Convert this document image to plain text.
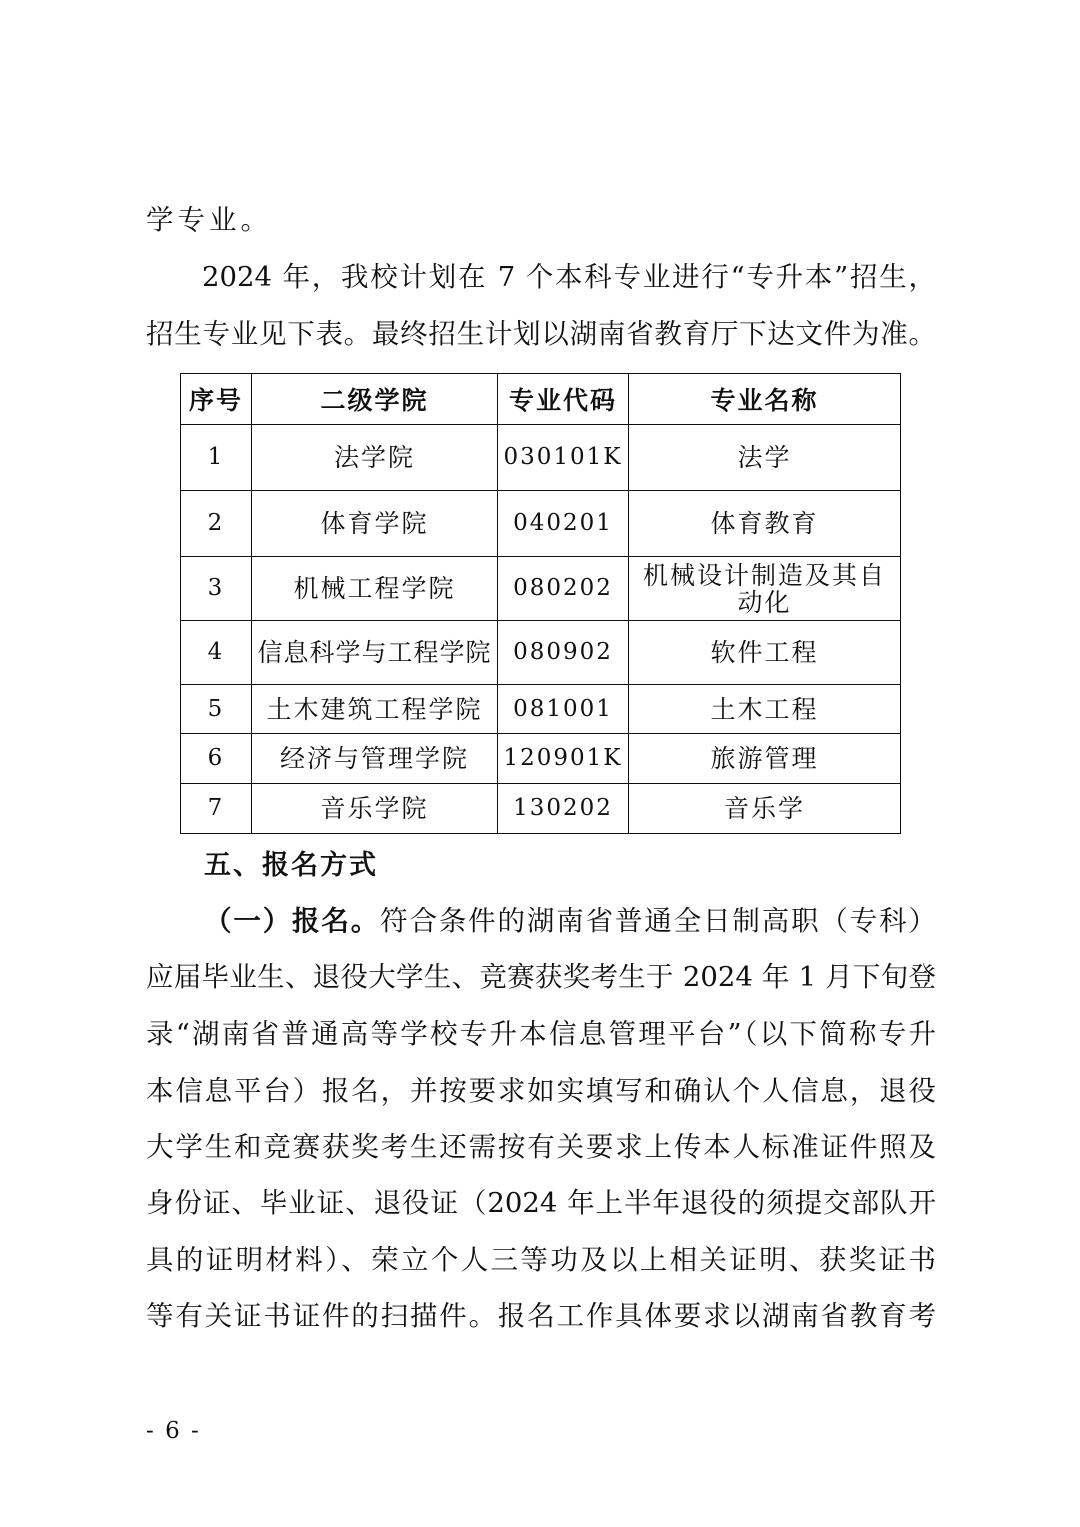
学专业。
2024 年，我校计划在 7 个本科专业进行“专升本”招生，
招生专业见下表。最终招生计划以湖南省教育厅下达文件为准。
序号	二级学院	专业代码	专业名称
1	法学院	030101K	法学
2	体育学院	040201	体育教育
3	机械工程学院	080202	机械设计制造及其自动化
4	信息科学与工程学院	080902	软件工程
5	土木建筑工程学院	081001	土木工程
6	经济与管理学院	120901K	旅游管理
7	音乐学院	130202	音乐学
五、报名方式
（一）报名。符合条件的湖南省普通全日制高职（专科）
应届毕业生、退役大学生、竞赛获奖考生于 2024 年 1 月下旬登
录“湖南省普通高等学校专升本信息管理平台”（以下简称专升
本信息平台）报名，并按要求如实填写和确认个人信息，退役
大学生和竞赛获奖考生还需按有关要求上传本人标准证件照及
身份证、毕业证、退役证（2024 年上半年退役的须提交部队开
具的证明材料）、荣立个人三等功及以上相关证明、获奖证书
等有关证书证件的扫描件。报名工作具体要求以湖南省教育考
- 6 -
